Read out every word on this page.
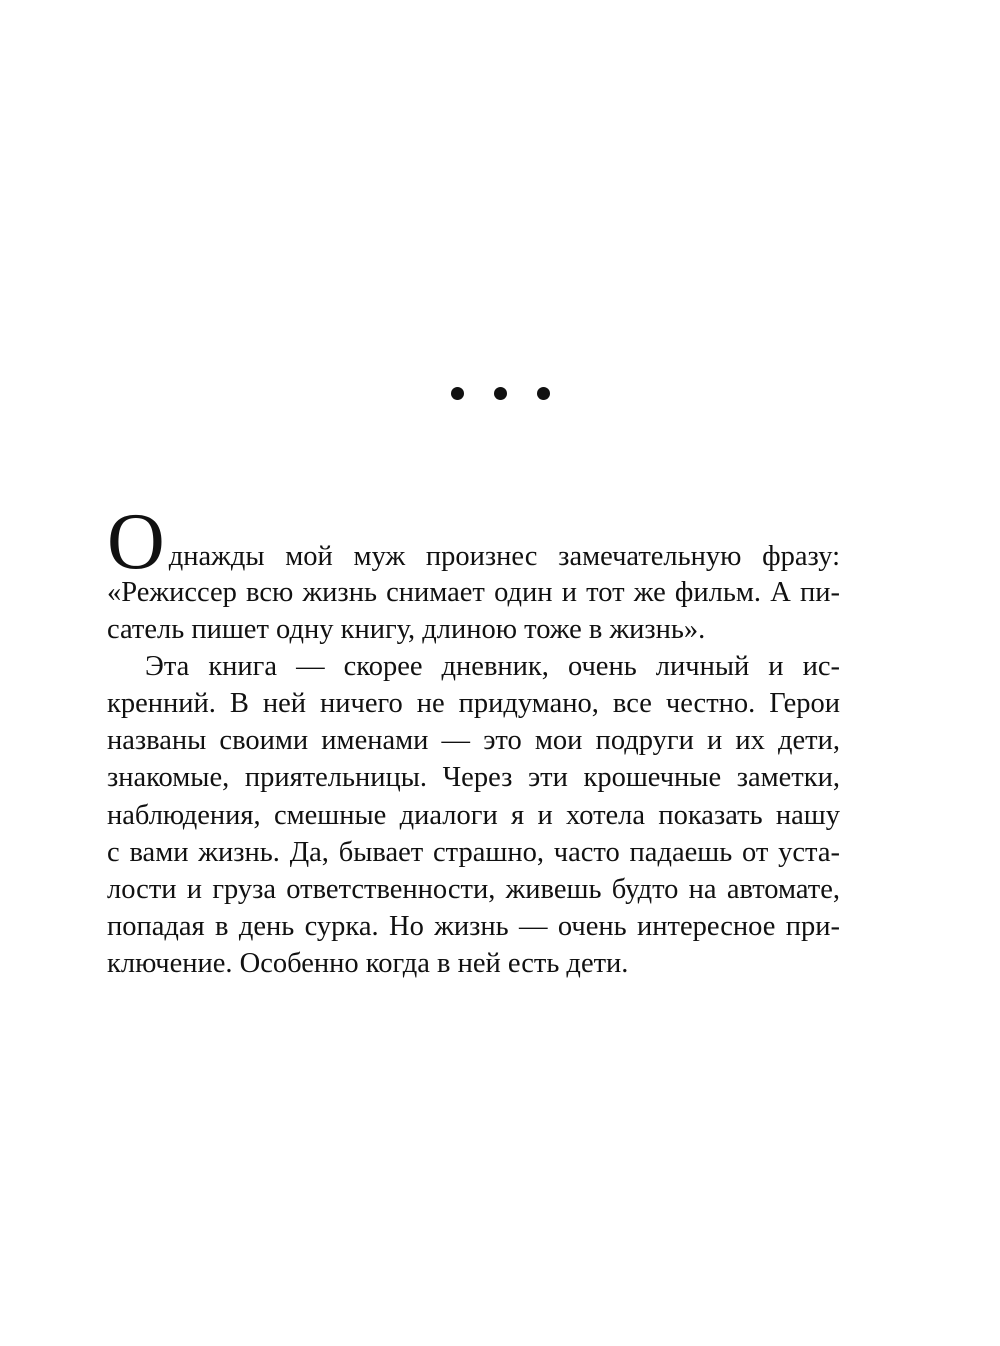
О днажды мой муж произнес замечательную фразу:
«Режиссер всю жизнь снимает один и тот же фильм. А пи-
сатель пишет одну книгу, длиною тоже в жизнь».
Эта книга — скорее дневник, очень личный и ис-
кренний. В ней ничего не придумано, все честно. Герои
названы своими именами — это мои подруги и их дети,
знакомые, приятельницы. Через эти крошечные заметки,
наблюдения, смешные диалоги я и хотела показать нашу
с вами жизнь. Да, бывает страшно, часто падаешь от уста-
лости и груза ответственности, живешь будто на автомате,
попадая в день сурка. Но жизнь — очень интересное при-
ключение. Особенно когда в ней есть дети.
